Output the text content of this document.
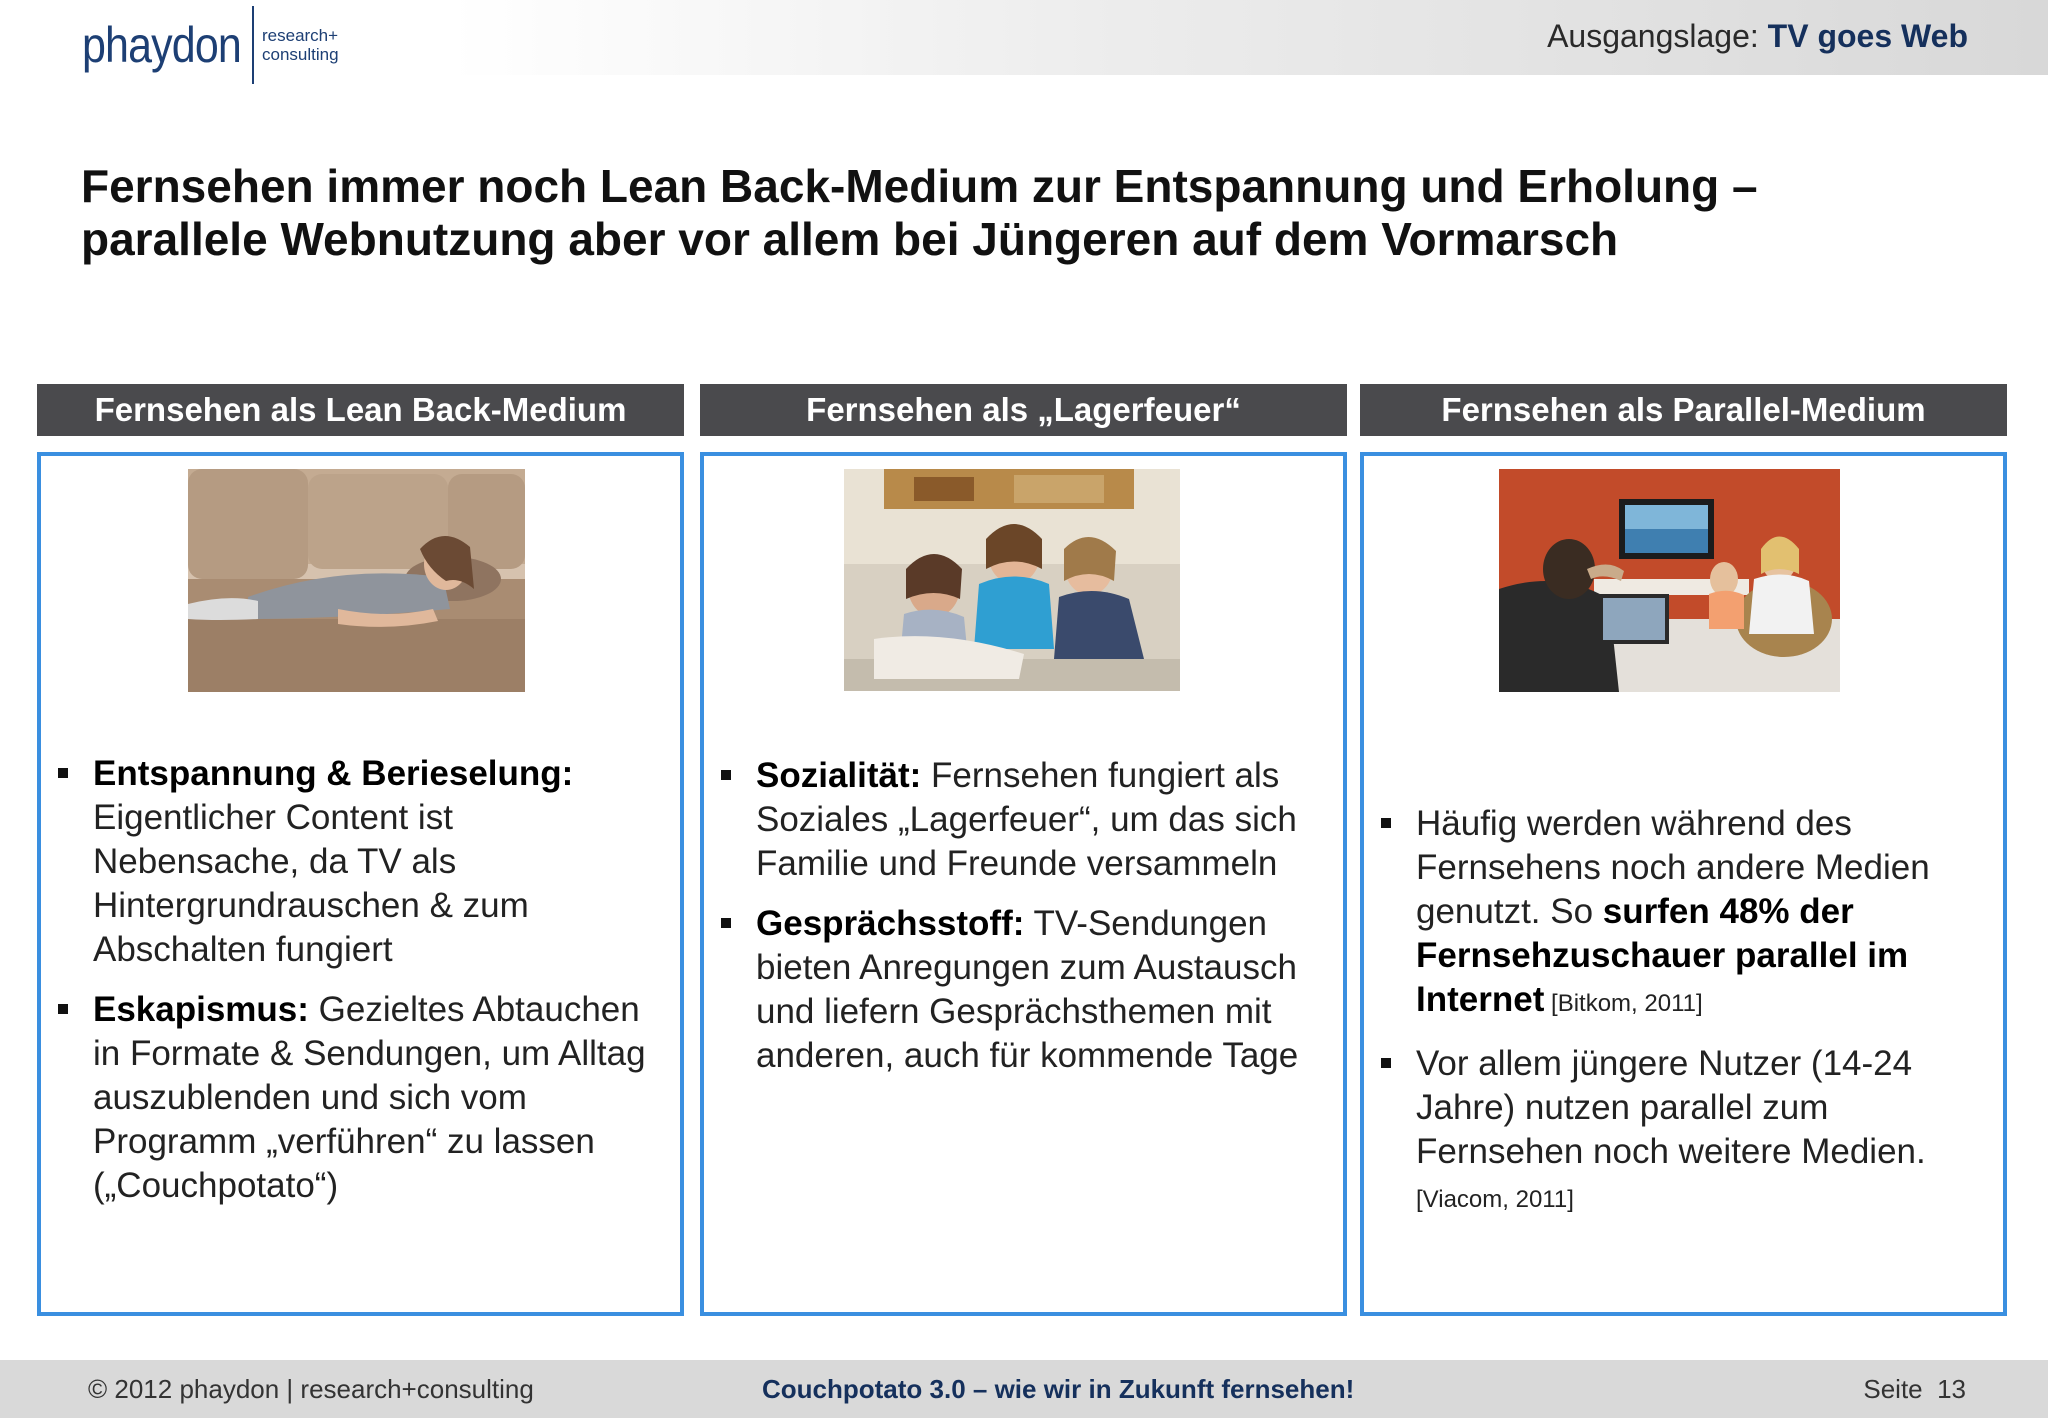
phaydon research+
consulting
Ausgangslage: TV goes Web
Fernsehen immer noch Lean Back-Medium zur Entspannung und Erholung –
parallele Webnutzung aber vor allem bei Jüngeren auf dem Vormarsch
Fernsehen als Lean Back-Medium	Fernsehen als „Lagerfeuer“	Fernsehen als Parallel-Medium
Entspannung & Berieselung: Eigentlicher Content ist Nebensache, da TV als Hintergrundrauschen & zum Abschalten fungiert
Eskapismus: Gezieltes Abtauchen in Formate & Sendungen, um Alltag auszublenden und sich vom Programm „verführen“ zu lassen („Couchpotato“)
Sozialität: Fernsehen fungiert als Soziales „Lagerfeuer“, um das sich Familie und Freunde versammeln
Gesprächsstoff: TV-Sendungen bieten Anregungen zum Austausch und liefern Gesprächsthemen mit anderen, auch für kommende Tage
Häufig werden während des Fernsehens noch andere Medien genutzt. So surfen 48% der Fernsehzuschauer parallel im Internet [Bitkom, 2011]
Vor allem jüngere Nutzer (14-24 Jahre) nutzen parallel zum Fernsehen noch weitere Medien.
[Viacom, 2011]
© 2012 phaydon | research+consulting	Couchpotato 3.0 – wie wir in Zukunft fernsehen!	Seite 13
